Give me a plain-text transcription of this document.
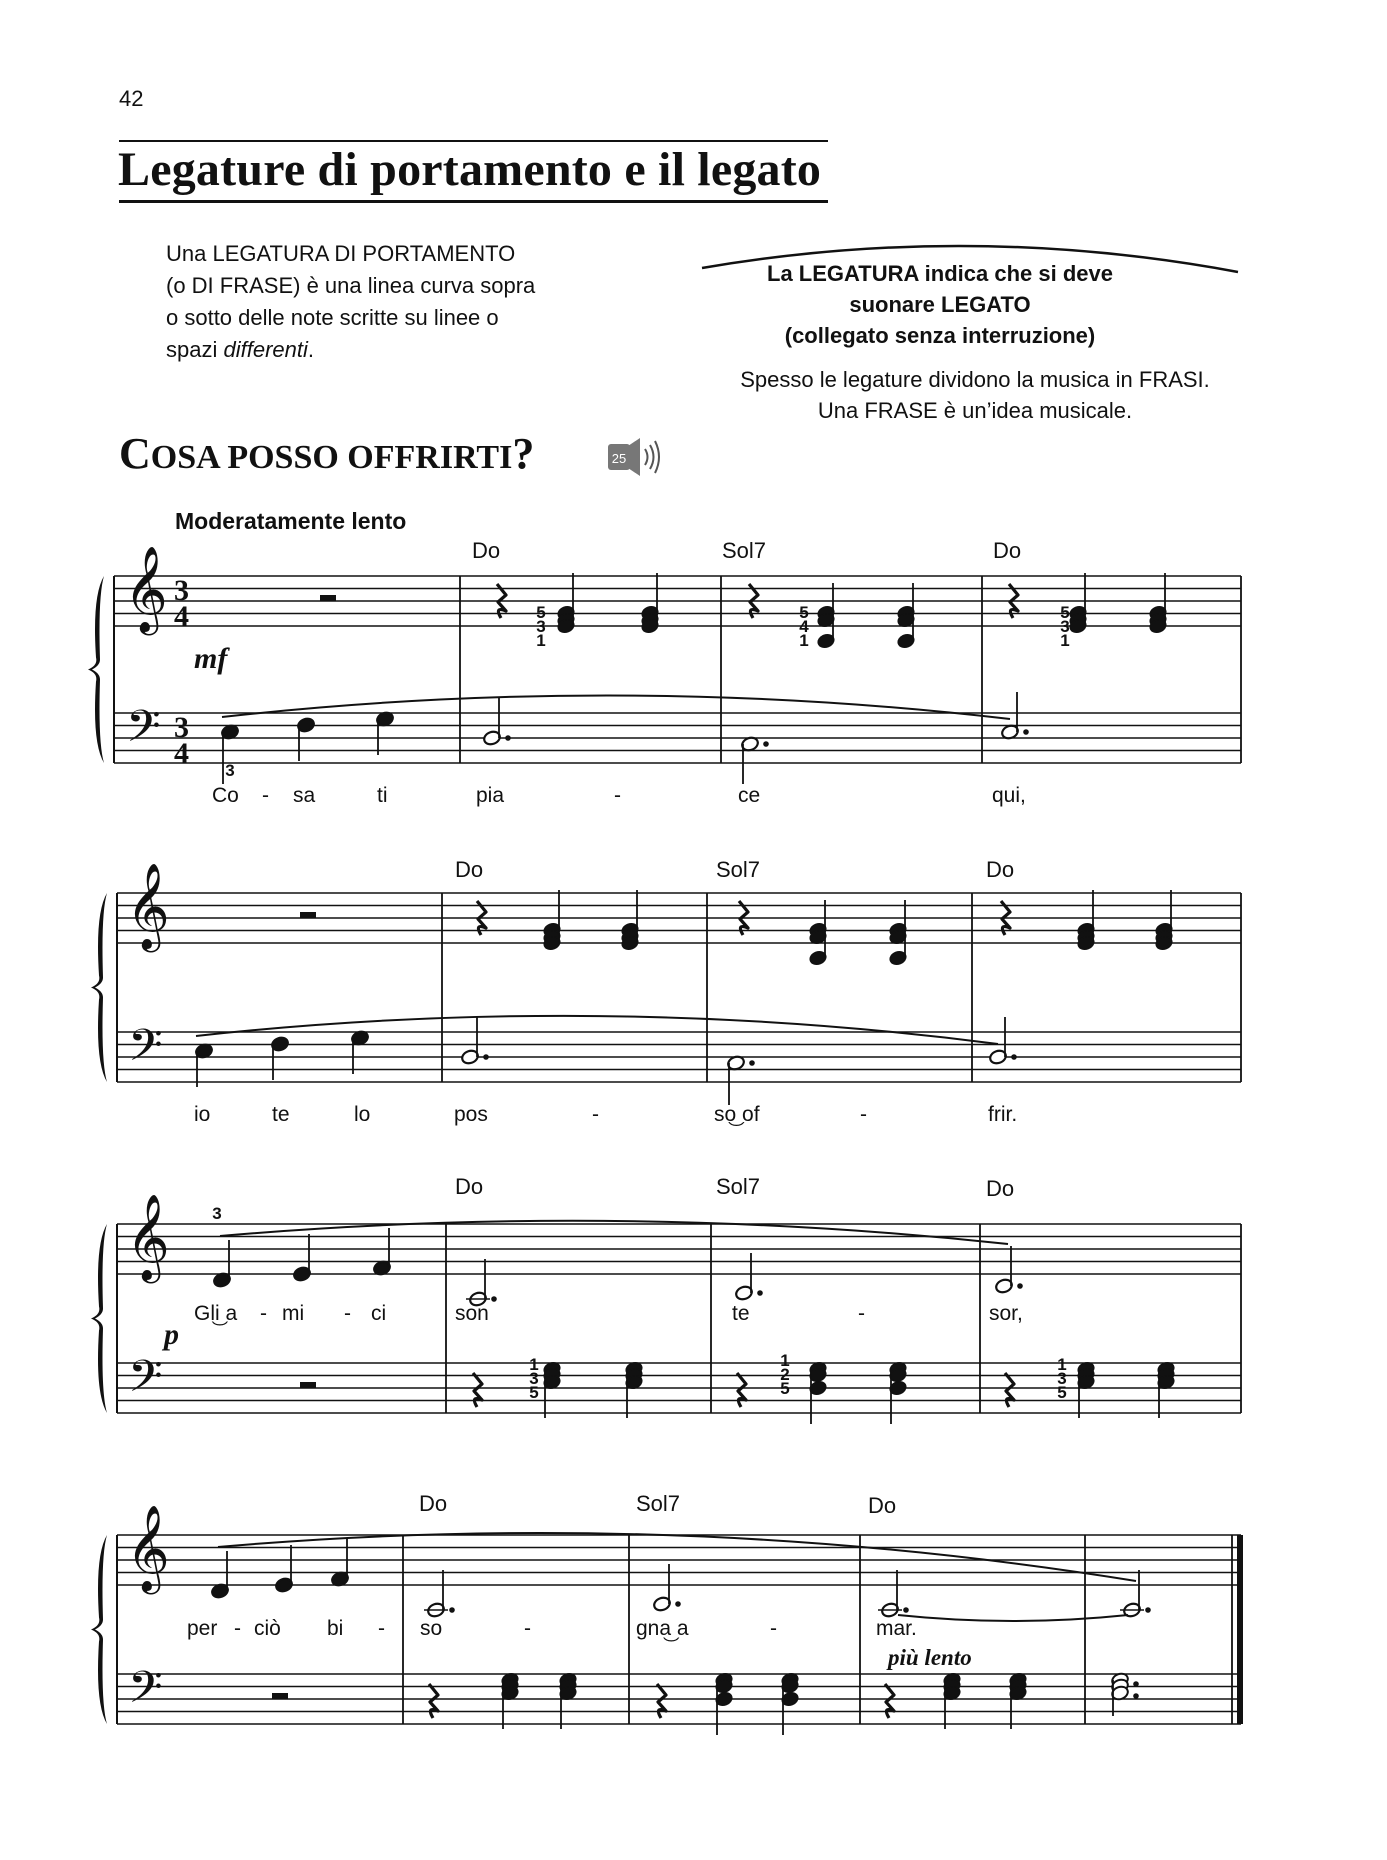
42
Legature di portamento e il legato
Una LEGATURA DI PORTAMENTO
(o DI FRASE) è una linea curva sopra
o sotto delle note scritte su linee o
spazi differenti.
La LEGATURA indica che si deve
suonare LEGATO
(collegato senza interruzione)
Spesso le legature dividono la musica in FRASI.
Una FRASE è un’idea musicale.
COSA POSSO OFFRIRTI?	25
Moderatamente lento
𝄞
𝄢
3
4
3
4
𝄞
𝄢
𝄞
𝄢
𝄞
𝄢
Do	Sol7	Do
Do	Sol7	Do
Do	Sol7	Do
Do	Sol7	Do
mf
p
più lento
5
3
1
5
4
1
5
3
1
3
3
1
3
5
1
2
5
1
3
5
Co - sa	ti	pia	-	ce	qui,
io	te	lo	pos	-	so͜ of	-	frir.
Gli͜ a - mi - ci	son	te	-	sor,
per - ciò bi - so	-	gna͜ a	-	mar.
